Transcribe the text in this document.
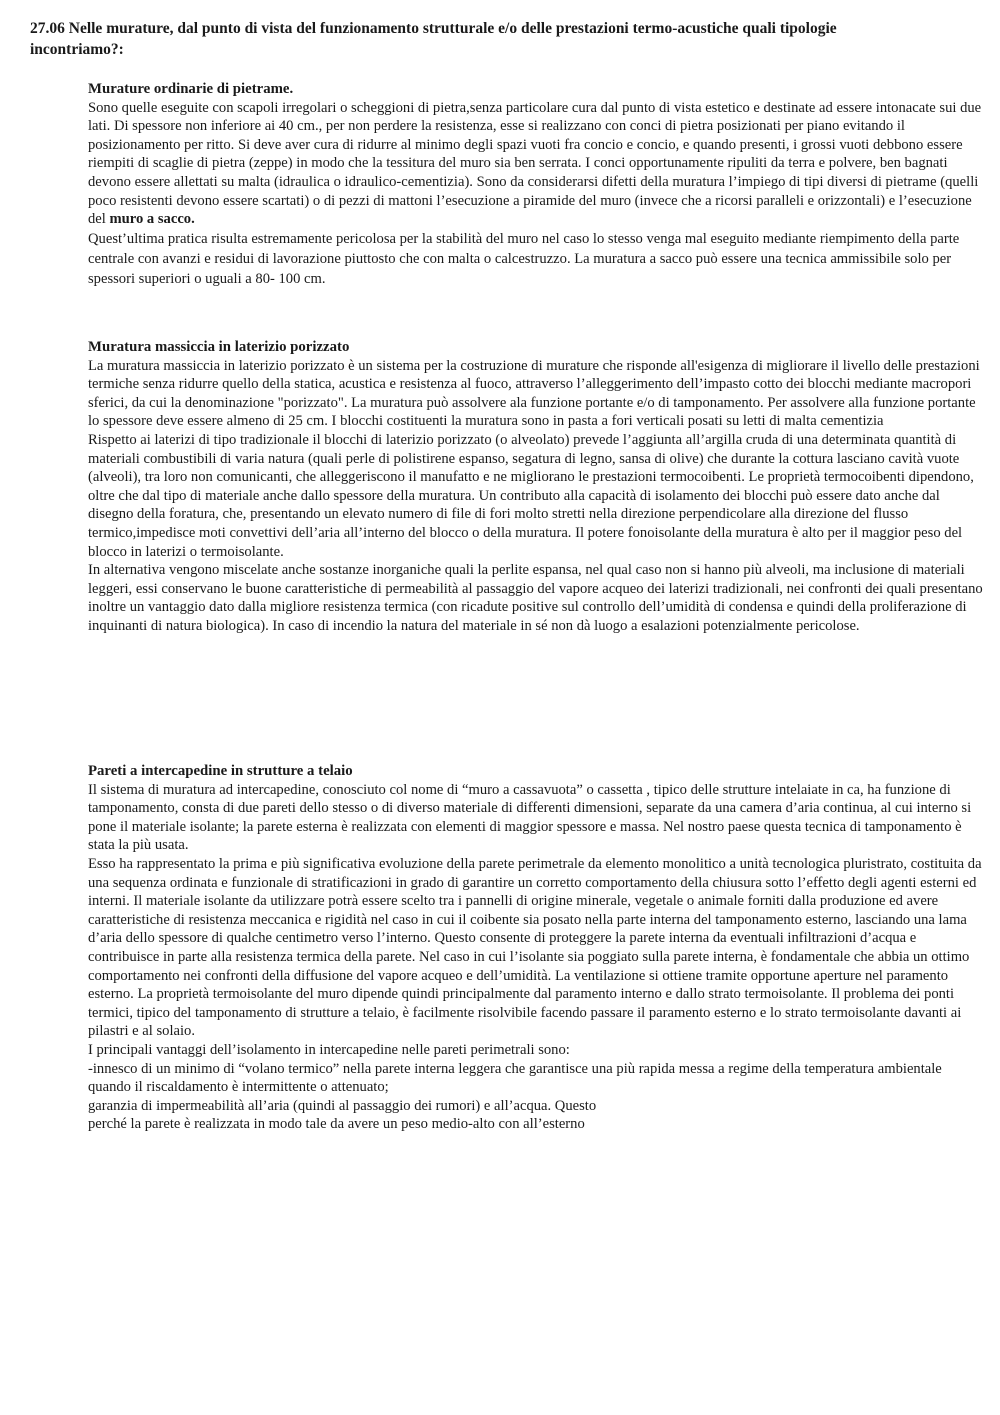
27.06 Nelle murature, dal punto di vista del funzionamento strutturale e/o delle prestazioni termo-acustiche quali tipologie incontriamo?:

Murature ordinarie di pietrame.

Sono quelle eseguite con scapoli irregolari o scheggioni di pietra,senza particolare cura dal punto di vista estetico e destinate ad essere intonacate sui due lati. Di spessore non inferiore ai 40 cm., per non perdere la resistenza, esse si realizzano con conci di pietra posizionati per piano evitando il posizionamento per ritto. Si deve aver cura di ridurre al minimo degli spazi vuoti fra concio e concio, e quando presenti, i grossi vuoti debbono essere riempiti di scaglie di pietra (zeppe) in modo che la tessitura del muro sia ben serrata. I conci opportunamente ripuliti da terra e polvere, ben bagnati devono essere allettati su malta (idraulica o idraulico-cementizia). Sono da considerarsi difetti della muratura l’impiego di tipi diversi di pietrame (quelli poco resistenti devono essere scartati) o di pezzi di mattoni l’esecuzione a piramide del muro (invece che a ricorsi paralleli e orizzontali) e l’esecuzione del muro a sacco.

Quest’ultima pratica risulta estremamente pericolosa per la stabilità del muro nel caso lo stesso venga mal eseguito mediante riempimento della parte centrale con avanzi e residui di lavorazione piuttosto che con malta o calcestruzzo. La muratura a sacco può essere una tecnica ammissibile solo per spessori superiori o uguali a 80- 100 cm.

Muratura massiccia in laterizio porizzato

La muratura massiccia in laterizio porizzato è un sistema per la costruzione di murature che risponde all'esigenza di migliorare il livello delle prestazioni termiche senza ridurre quello della statica, acustica e resistenza al fuoco, attraverso l’alleggerimento dell’impasto cotto dei blocchi mediante macropori sferici, da cui la denominazione "porizzato". La muratura può assolvere ala funzione portante e/o di tamponamento. Per assolvere alla funzione portante lo spessore deve essere almeno di 25 cm. I blocchi costituenti la muratura sono in pasta a fori verticali posati su letti di malta cementizia

Rispetto ai laterizi di tipo tradizionale il blocchi di laterizio porizzato (o alveolato) prevede l’aggiunta all’argilla cruda di una determinata quantità di materiali combustibili di varia natura (quali perle di polistirene espanso, segatura di legno, sansa di olive) che durante la cottura lasciano cavità vuote (alveoli), tra loro non comunicanti, che alleggeriscono il manufatto e ne migliorano le prestazioni termocoibenti. Le proprietà termocoibenti dipendono, oltre che dal tipo di materiale anche dallo spessore della muratura. Un contributo alla capacità di isolamento dei blocchi può essere dato anche dal disegno della foratura, che, presentando un elevato numero di file di fori molto stretti nella direzione perpendicolare alla direzione del flusso termico,impedisce moti convettivi dell’aria all’interno del blocco o della muratura. Il potere fonoisolante della muratura è alto per il maggior peso del blocco in laterizi o termoisolante.

In alternativa vengono miscelate anche sostanze inorganiche quali la perlite espansa, nel qual caso non si hanno più alveoli, ma inclusione di materiali leggeri, essi conservano le buone caratteristiche di permeabilità al passaggio del vapore acqueo dei laterizi tradizionali, nei confronti dei quali presentano inoltre un vantaggio dato dalla migliore resistenza termica (con ricadute positive sul controllo dell’umidità di condensa e quindi della proliferazione di inquinanti di natura biologica). In caso di incendio la natura del materiale in sé non dà luogo a esalazioni potenzialmente pericolose.

Pareti a intercapedine in strutture a telaio

Il sistema di muratura ad intercapedine, conosciuto col nome di “muro a cassavuota” o cassetta , tipico delle strutture intelaiate in ca, ha funzione di tamponamento, consta di due pareti dello stesso o di diverso materiale di differenti dimensioni, separate da una camera d’aria continua, al cui interno si pone il materiale isolante; la parete esterna è realizzata con elementi di maggior spessore e massa. Nel nostro paese questa tecnica di tamponamento è stata la più usata.

Esso ha rappresentato la prima e più significativa evoluzione della parete perimetrale da elemento monolitico a unità tecnologica pluristrato, costituita da una sequenza ordinata e funzionale di stratificazioni in grado di garantire un corretto comportamento della chiusura sotto l’effetto degli agenti esterni ed interni. Il materiale isolante da utilizzare potrà essere scelto tra i pannelli di origine minerale, vegetale o animale forniti dalla produzione ed avere caratteristiche di resistenza meccanica e rigidità nel caso in cui il coibente sia posato nella parte interna del tamponamento esterno, lasciando una lama d’aria dello spessore di qualche centimetro verso l’interno. Questo consente di proteggere la parete interna da eventuali infiltrazioni d’acqua e contribuisce in parte alla resistenza termica della parete. Nel caso in cui l’isolante sia poggiato sulla parete interna, è fondamentale che abbia un ottimo comportamento nei confronti della diffusione del vapore acqueo e dell’umidità. La ventilazione si ottiene tramite opportune aperture nel paramento esterno. La proprietà termoisolante del muro dipende quindi principalmente dal paramento interno e dallo strato termoisolante. Il problema dei ponti termici, tipico del tamponamento di strutture a telaio, è facilmente risolvibile facendo passare il paramento esterno e lo strato termoisolante davanti ai pilastri e al solaio.

I principali vantaggi dell’isolamento in intercapedine nelle pareti perimetrali sono:

-innesco di un minimo di “volano termico” nella parete interna leggera che garantisce una più rapida messa a regime della temperatura ambientale quando il riscaldamento è intermittente o attenuato;

garanzia di impermeabilità all’aria (quindi al passaggio dei rumori) e all’acqua. Questo

perché la parete è realizzata in modo tale da avere un peso medio-alto con all’esterno
